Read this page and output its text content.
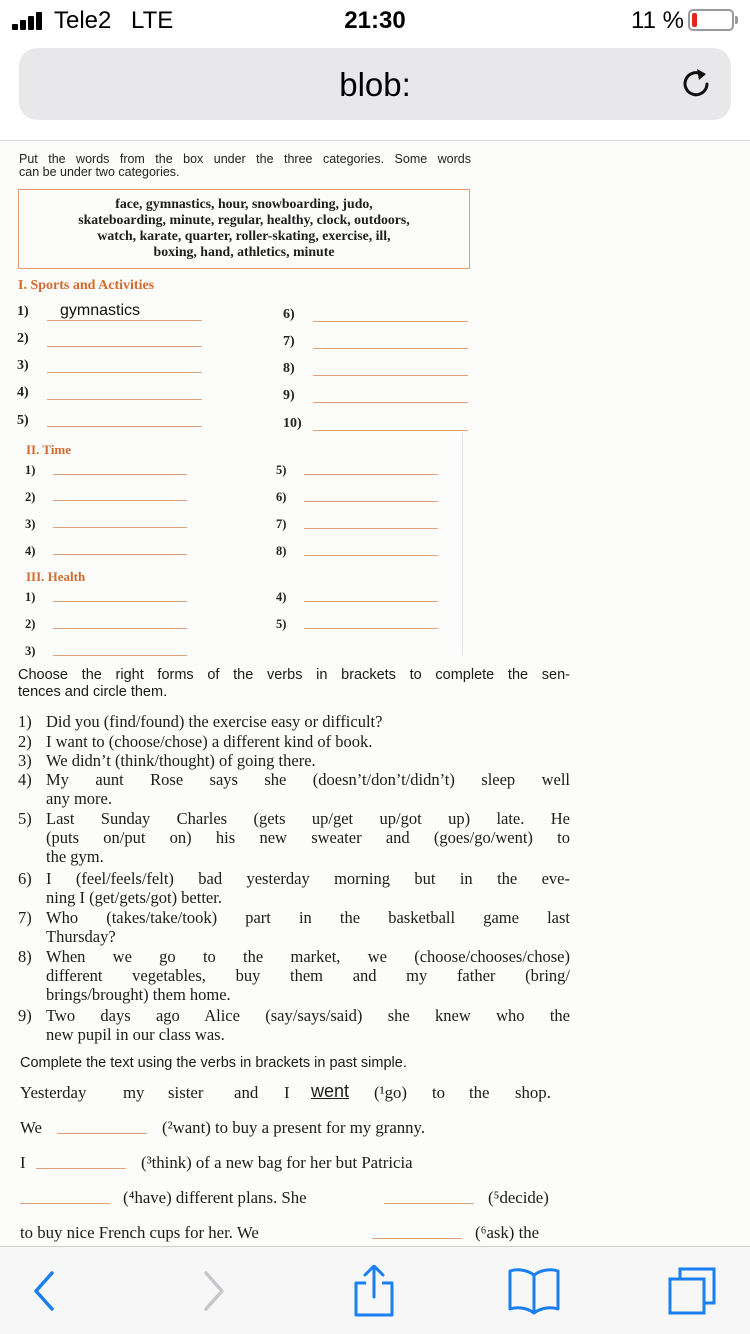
Tele2 LTE	21:30	11 %
blob:
Put the words from the box under the three categories. Some words
can be under two categories.
face, gymnastics, hour, snowboarding, judo,
skateboarding, minute, regular, healthy, clock, outdoors,
watch, karate, quarter, roller-skating, exercise, ill,
boxing, hand, athletics, minute
I. Sports and Activities
1) gymnastics
2)
3)
4)
5)
6)
7)
8)
9)
10)
II. Time
1)
2)
3)
4)
5)
6)
7)
8)
III. Health
1)
2)
3)
4)
5)
Choose the right forms of the verbs in brackets to complete the sen-
tences and circle them.
1) Did you (find/found) the exercise easy or difficult?
2) I want to (choose/chose) a different kind of book.
3) We didn’t (think/thought) of going there.
4) My aunt Rose says she (doesn’t/don’t/didn’t) sleep well
any more.
5) Last Sunday Charles (gets up/get up/got up) late. He
(puts on/put on) his new sweater and (goes/go/went) to
the gym.
6) I (feel/feels/felt) bad yesterday morning but in the eve-
ning I (get/gets/got) better.
7) Who (takes/take/took) part in the basketball game last
Thursday?
8) When we go to the market, we (choose/chooses/chose)
different vegetables, buy them and my father (bring/
brings/brought) them home.
9) Two days ago Alice (say/says/said) she knew who the
new pupil in our class was.
Complete the text using the verbs in brackets in past simple.
Yesterday my sister and I went (¹go) to the shop.
We	(²want) to buy a present for my granny.
I	(³think) of a new bag for her but Patricia
(⁴have) different plans. She	(⁵decide)
to buy nice French cups for her. We	(⁶ask) the
